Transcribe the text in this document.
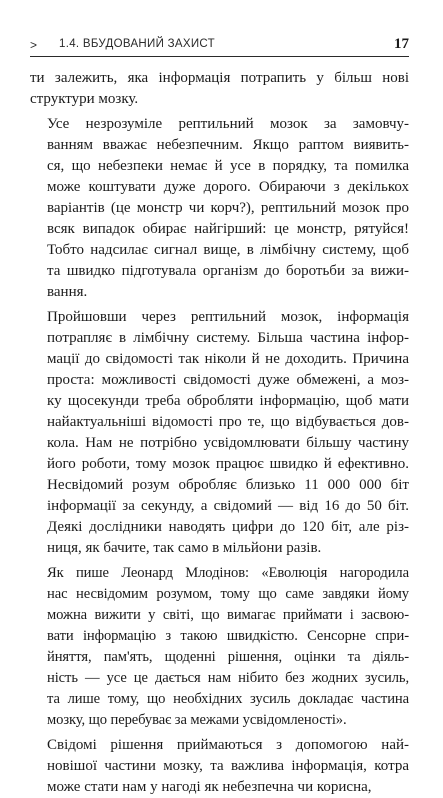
> 1.4. ВБУДОВАНИЙ ЗАХИСТ	17

ти залежить, яка інформація потрапить у більш нові
структури мозку.

Усе незрозуміле рептильний мозок за замовчу-
ванням вважає небезпечним. Якщо раптом виявить-
ся, що небезпеки немає й усе в порядку, та помилка
може коштувати дуже дорого. Обираючи з декількох
варіантів (це монстр чи корч?), рептильний мозок про
всяк випадок обирає найгірший: це монстр, рятуйся!
Тобто надсилає сигнал вище, в лімбічну систему, щоб
та швидко підготувала організм до боротьби за вижи-
вання.

Пройшовши через рептильний мозок, інформація
потрапляє в лімбічну систему. Більша частина інфор-
мації до свідомості так ніколи й не доходить. Причина
проста: можливості свідомості дуже обмежені, а моз-
ку щосекунди треба обробляти інформацію, щоб мати
найактуальніші відомості про те, що відбувається дов-
кола. Нам не потрібно усвідомлювати більшу частину
його роботи, тому мозок працює швидко й ефективно.
Несвідомий розум обробляє близько 11 000 000 біт
інформації за секунду, а свідомий — від 16 до 50 біт.
Деякі дослідники наводять цифри до 120 біт, але різ-
ниця, як бачите, так само в мільйони разів.

Як пише Леонард Млодінов: «Еволюція нагородила
нас несвідомим розумом, тому що саме завдяки йому
можна вижити у світі, що вимагає приймати і засвою-
вати інформацію з такою швидкістю. Сенсорне спри-
йняття, пам'ять, щоденні рішення, оцінки та діяль-
ність — усе це дається нам нібито без жодних зусиль,
та лише тому, що необхідних зусиль докладає частина
мозку, що перебуває за межами усвідомленості».

Свідомі рішення приймаються з допомогою най-
новішої частини мозку, та важлива інформація, котра
може стати нам у нагоді як небезпечна чи корисна,
